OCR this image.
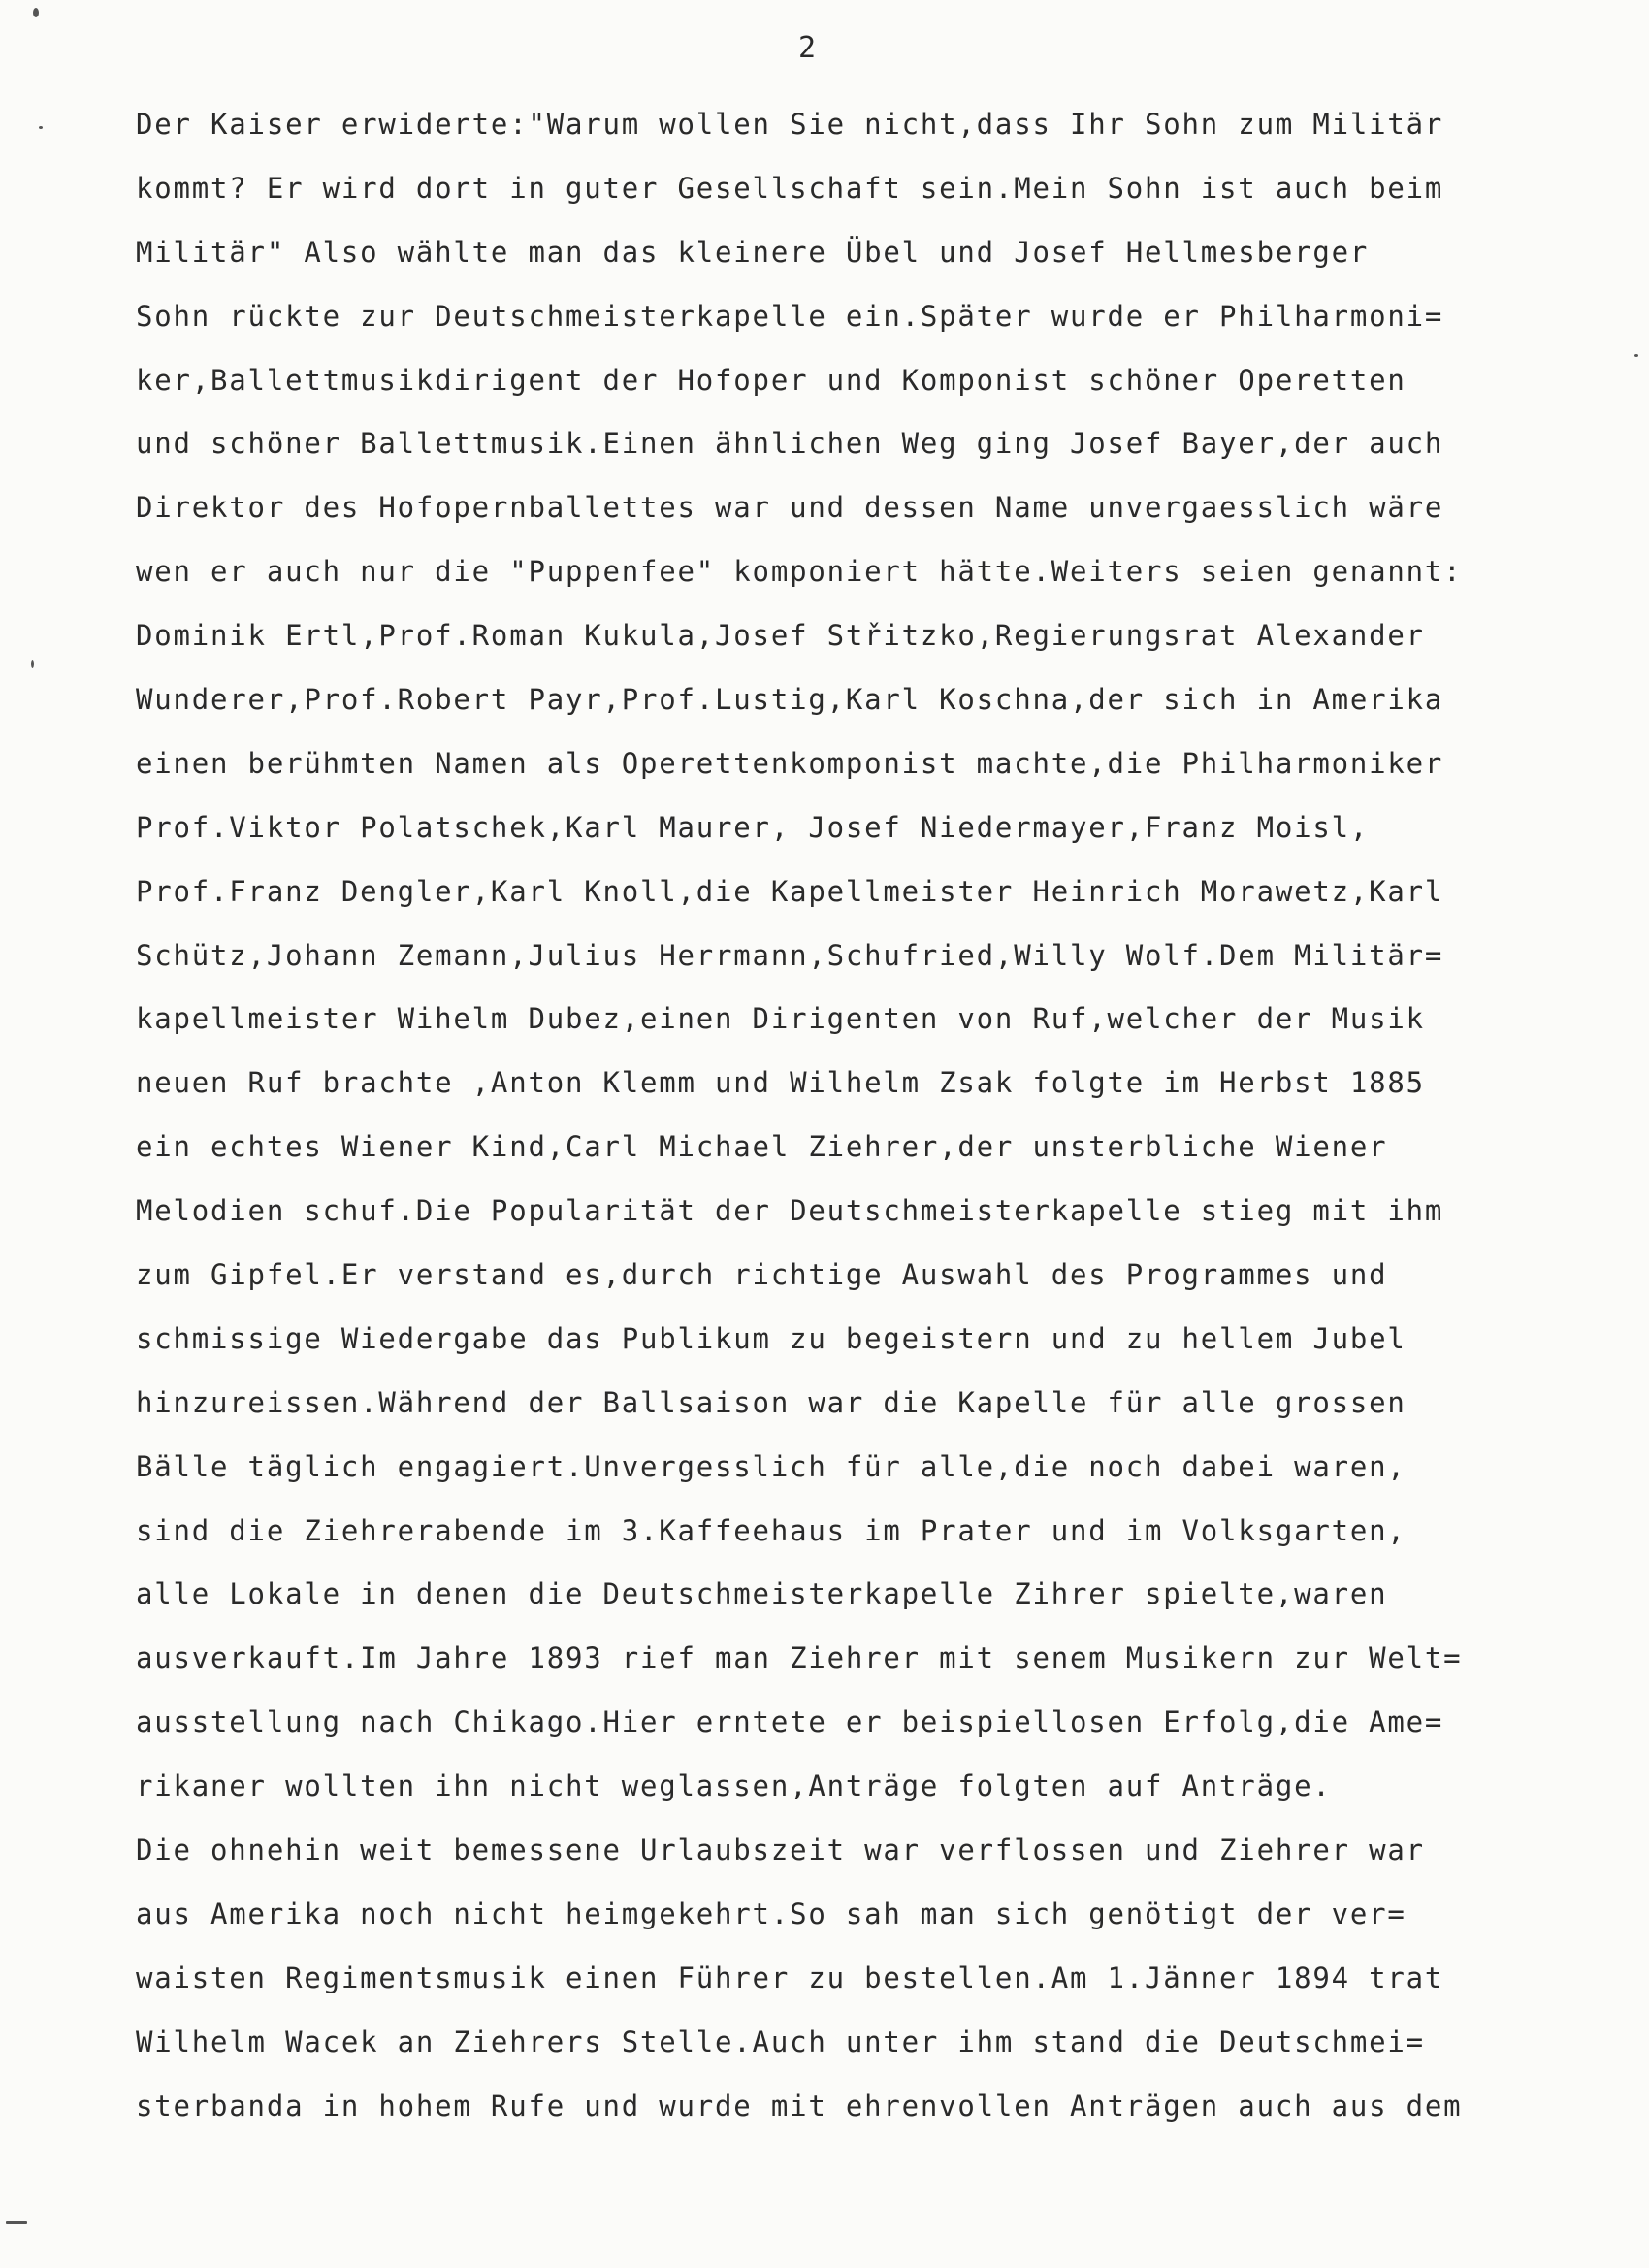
2
Der Kaiser erwiderte:"Warum wollen Sie nicht,dass Ihr Sohn zum Militär
kommt? Er wird dort in guter Gesellschaft sein.Mein Sohn ist auch beim
Militär" Also wählte man das kleinere Übel und Josef Hellmesberger
Sohn rückte zur Deutschmeisterkapelle ein.Später wurde er Philharmoni=
ker,Ballettmusikdirigent der Hofoper und Komponist schöner Operetten
und schöner Ballettmusik.Einen ähnlichen Weg ging Josef Bayer,der auch
Direktor des Hofopernballettes war und dessen Name unvergaesslich wäre
wen er auch nur die "Puppenfee" komponiert hätte.Weiters seien genannt:
Dominik Ertl,Prof.Roman Kukula,Josef Střitzko,Regierungsrat Alexander
Wunderer,Prof.Robert Payr,Prof.Lustig,Karl Koschna,der sich in Amerika
einen berühmten Namen als Operettenkomponist machte,die Philharmoniker
Prof.Viktor Polatschek,Karl Maurer, Josef Niedermayer,Franz Moisl,
Prof.Franz Dengler,Karl Knoll,die Kapellmeister Heinrich Morawetz,Karl
Schütz,Johann Zemann,Julius Herrmann,Schufried,Willy Wolf.Dem Militär=
kapellmeister Wihelm Dubez,einen Dirigenten von Ruf,welcher der Musik
neuen Ruf brachte ,Anton Klemm und Wilhelm Zsak folgte im Herbst 1885
ein echtes Wiener Kind,Carl Michael Ziehrer,der unsterbliche Wiener
Melodien schuf.Die Popularität der Deutschmeisterkapelle stieg mit ihm
zum Gipfel.Er verstand es,durch richtige Auswahl des Programmes und
schmissige Wiedergabe das Publikum zu begeistern und zu hellem Jubel
hinzureissen.Während der Ballsaison war die Kapelle für alle grossen
Bälle täglich engagiert.Unvergesslich für alle,die noch dabei waren,
sind die Ziehrerabende im 3.Kaffeehaus im Prater und im Volksgarten,
alle Lokale in denen die Deutschmeisterkapelle Zihrer spielte,waren
ausverkauft.Im Jahre 1893 rief man Ziehrer mit senem Musikern zur Welt=
ausstellung nach Chikago.Hier erntete er beispiellosen Erfolg,die Ame=
rikaner wollten ihn nicht weglassen,Anträge folgten auf Anträge.
Die ohnehin weit bemessene Urlaubszeit war verflossen und Ziehrer war
aus Amerika noch nicht heimgekehrt.So sah man sich genötigt der ver=
waisten Regimentsmusik einen Führer zu bestellen.Am 1.Jänner 1894 trat
Wilhelm Wacek an Ziehrers Stelle.Auch unter ihm stand die Deutschmei=
sterbanda in hohem Rufe und wurde mit ehrenvollen Anträgen auch aus dem
